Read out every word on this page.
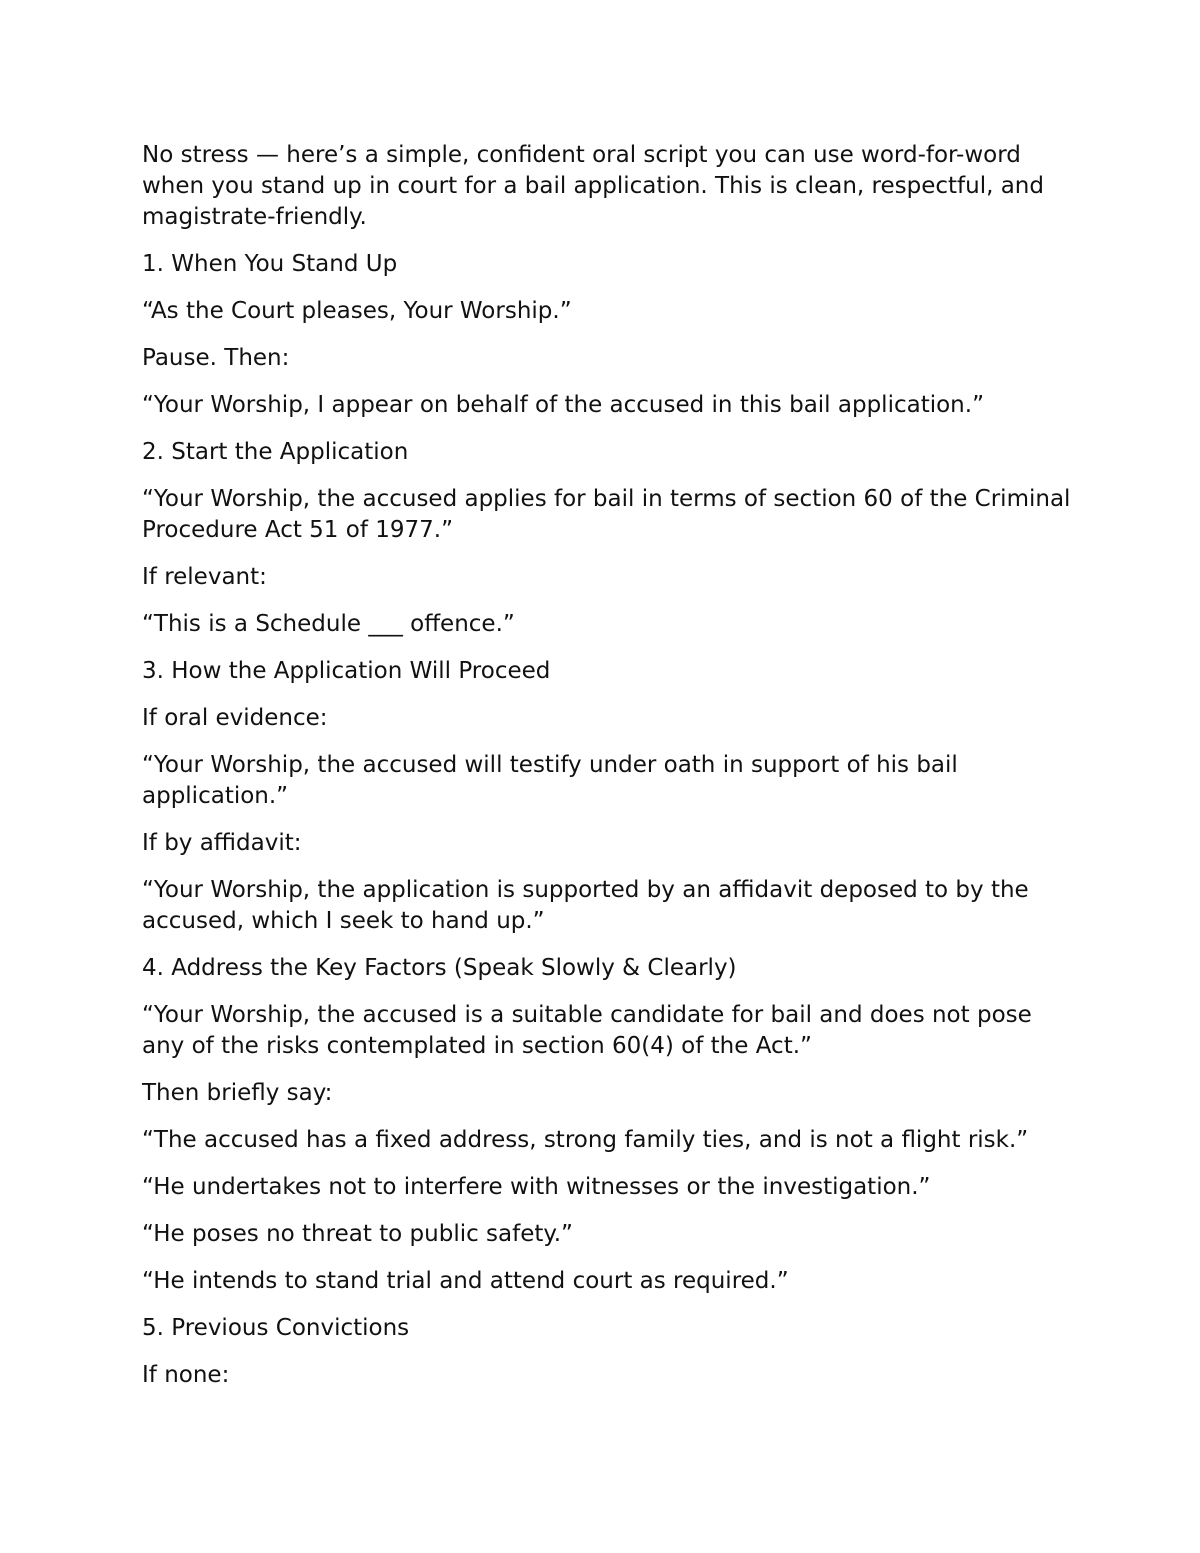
No stress — here’s a simple, confident oral script you can use word-for-word when you stand up in court for a bail application. This is clean, respectful, and magistrate-friendly.

1. When You Stand Up

“As the Court pleases, Your Worship.”

Pause. Then:

“Your Worship, I appear on behalf of the accused in this bail application.”

2. Start the Application

“Your Worship, the accused applies for bail in terms of section 60 of the Criminal Procedure Act 51 of 1977.”

If relevant:

“This is a Schedule ___ offence.”

3. How the Application Will Proceed

If oral evidence:

“Your Worship, the accused will testify under oath in support of his bail application.”

If by affidavit:

“Your Worship, the application is supported by an affidavit deposed to by the accused, which I seek to hand up.”

4. Address the Key Factors (Speak Slowly & Clearly)

“Your Worship, the accused is a suitable candidate for bail and does not pose any of the risks contemplated in section 60(4) of the Act.”

Then briefly say:

“The accused has a fixed address, strong family ties, and is not a flight risk.”

“He undertakes not to interfere with witnesses or the investigation.”

“He poses no threat to public safety.”

“He intends to stand trial and attend court as required.”

5. Previous Convictions

If none:
